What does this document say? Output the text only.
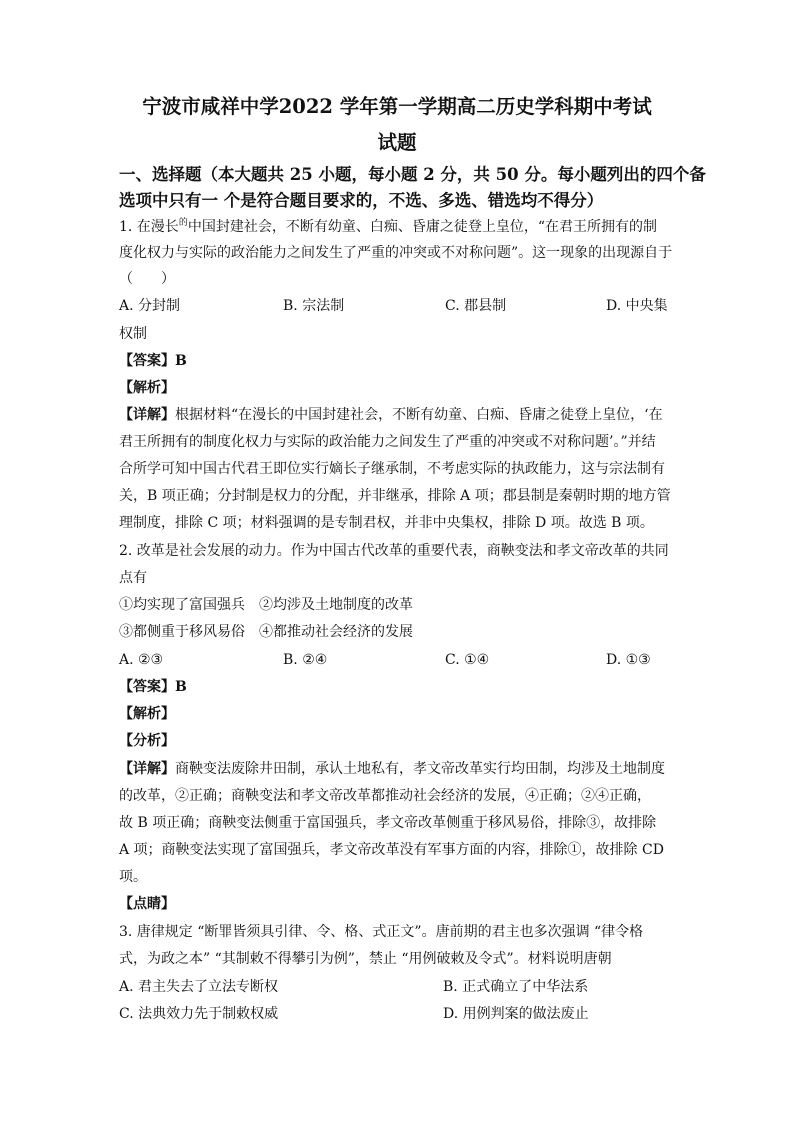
宁波市咸祥中学2022 学年第一学期高二历史学科期中考试

试题

一、选择题（本大题共 25 小题，每小题 2 分，共 50 分。每小题列出的四个备

选项中只有一 个是符合题目要求的，不选、多选、错选均不得分）

1. 在漫长$^的$中国封建社会，不断有幼童、白痴、昏庸之徒登上皇位，“在君王所拥有的制

度化权力与实际的政治能力之间发生了严重的冲突或不对称问题”。这一现象的出现源自于

（　　）

A. 分封制	B. 宗法制	C. 郡县制	D. 中央集

权制

【答案】B

【解析】

【详解】根据材料“在漫长的中国封建社会，不断有幼童、白痴、昏庸之徒登上皇位，‘在

君王所拥有的制度化权力与实际的政治能力之间发生了严重的冲突或不对称问题’。”并结

合所学可知中国古代君王即位实行嫡长子继承制，不考虑实际的执政能力，这与宗法制有

关，B 项正确；分封制是权力的分配，并非继承，排除 A 项；郡县制是秦朝时期的地方管

理制度，排除 C 项；材料强调的是专制君权，并非中央集权，排除 D 项。故选 B 项。

2. 改革是社会发展的动力。作为中国古代改革的重要代表，商鞅变法和孝文帝改革的共同

点有

①均实现了富国强兵　②均涉及土地制度的改革

③都侧重于移风易俗　④都推动社会经济的发展

A. ②③	B. ②④	C. ①④	D. ①③

【答案】B

【解析】

【分析】

【详解】商鞅变法废除井田制，承认土地私有，孝文帝改革实行均田制，均涉及土地制度

的改革，②正确；商鞅变法和孝文帝改革都推动社会经济的发展，④正确；②④正确，

故 B 项正确；商鞅变法侧重于富国强兵，孝文帝改革侧重于移风易俗，排除③，故排除

A 项；商鞅变法实现了富国强兵，孝文帝改革没有军事方面的内容，排除①，故排除 CD

项。

【点睛】

3. 唐律规定 “断罪皆须具引律、令、格、式正文”。唐前期的君主也多次强调 “律令格

式，为政之本” “其制敕不得攀引为例”，禁止 “用例破敕及令式”。材料说明唐朝

A. 君主失去了立法专断权	B. 正式确立了中华法系
C. 法典效力先于制敕权威	D. 用例判案的做法废止
